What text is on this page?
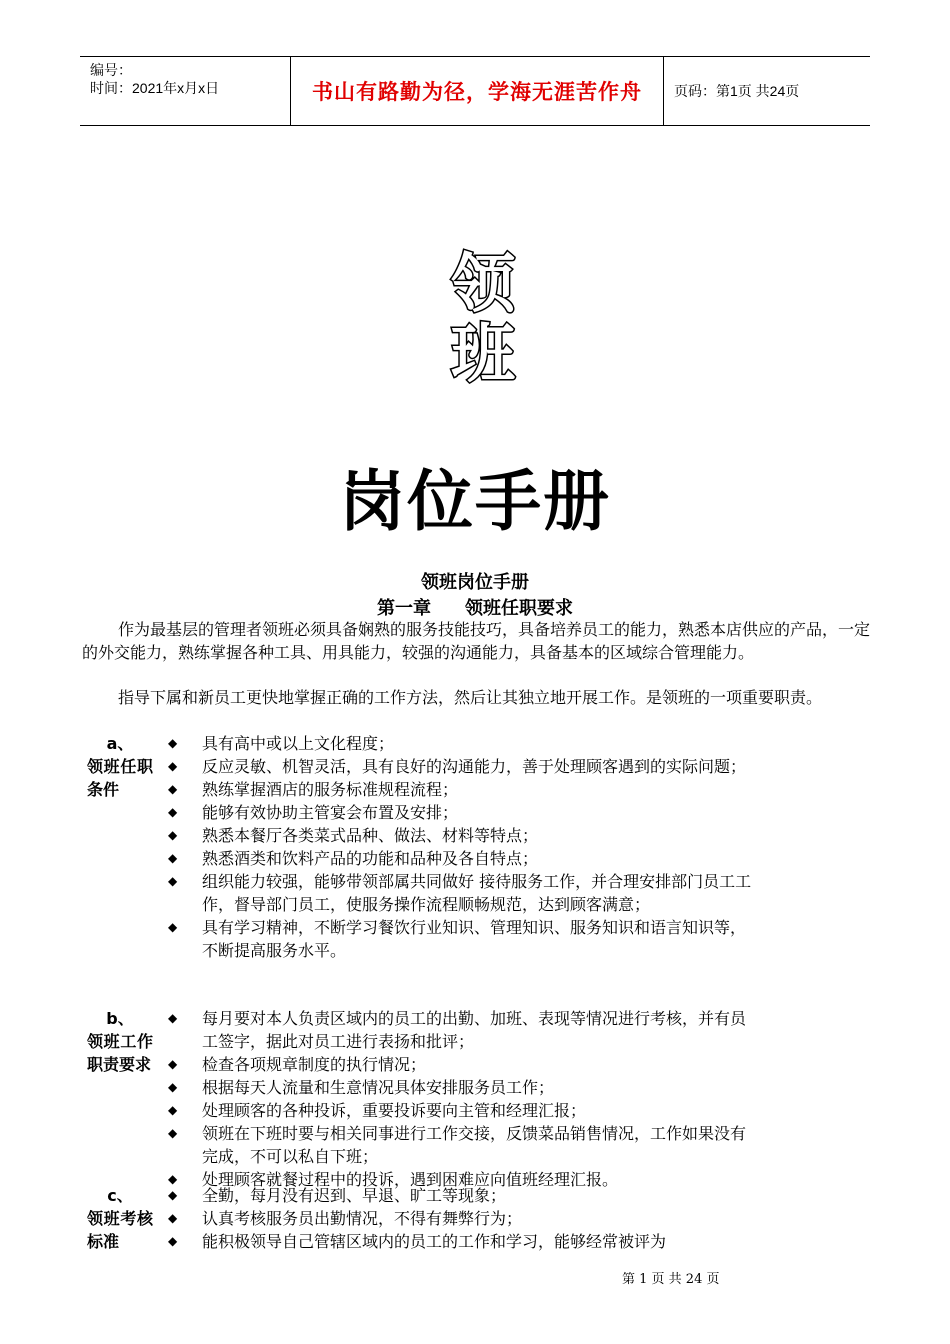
编号：
时间：2021年x月x日	书山有路勤为径，学海无涯苦作舟	页码：第1页 共24页
领
班
岗位手册
领班岗位手册
第一章 领班任职要求
作为最基层的管理者领班必须具备娴熟的服务技能技巧，具备培养员工的能力，熟悉本店供应的产品，一定的外交能力，熟练掌握各种工具、用具能力，较强的沟通能力，具备基本的区域综合管理能力。
指导下属和新员工更快地掌握正确的工作方法，然后让其独立地开展工作。是领班的一项重要职责。
a、
领班任职条件
◆ 具有高中或以上文化程度；
◆ 反应灵敏、机智灵活，具有良好的沟通能力，善于处理顾客遇到的实际问题；
◆ 熟练掌握酒店的服务标准规程流程；
◆ 能够有效协助主管宴会布置及安排；
◆ 熟悉本餐厅各类菜式品种、做法、材料等特点；
◆ 熟悉酒类和饮料产品的功能和品种及各自特点；
◆ 组织能力较强，能够带领部属共同做好 接待服务工作，并合理安排部门员工工作，督导部门员工，使服务操作流程顺畅规范，达到顾客满意；
◆ 具有学习精神，不断学习餐饮行业知识、管理知识、服务知识和语言知识等，不断提高服务水平。
b、
领班工作职责要求
◆ 每月要对本人负责区域内的员工的出勤、加班、表现等情况进行考核，并有员工签字，据此对员工进行表扬和批评；
◆ 检查各项规章制度的执行情况；
◆ 根据每天人流量和生意情况具体安排服务员工作；
◆ 处理顾客的各种投诉，重要投诉要向主管和经理汇报；
◆ 领班在下班时要与相关同事进行工作交接，反馈菜品销售情况，工作如果没有完成，不可以私自下班；
◆ 处理顾客就餐过程中的投诉，遇到困难应向值班经理汇报。
c、
领班考核标准
◆ 全勤，每月没有迟到、早退、旷工等现象；
◆ 认真考核服务员出勤情况，不得有舞弊行为；
◆ 能积极领导自己管辖区域内的员工的工作和学习，能够经常被评为
第 1 页 共 24 页
